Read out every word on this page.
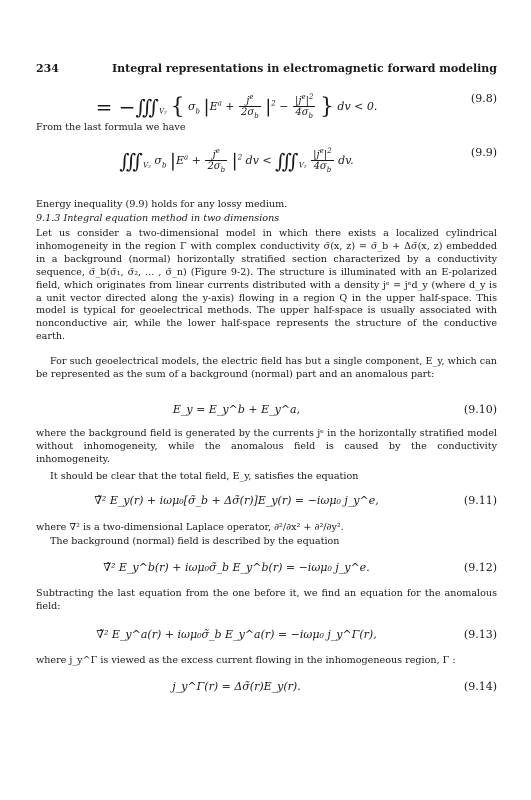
234	Integral representations in electromagnetic forward modeling
= $-∭_{V_2}$ { $\sigma_b$ $|E^a + \frac{j^e}{2\sigma_b} |^2 - \frac{|j^e|^2}{4\sigma_b}$ } dv < 0.
(9.8)
From the last formula we have
$∭_{V_2}$ $\sigma_b$ $|E^a + \frac{j^e}{2\sigma_b} |^2$ dv < $∭_{V_2} \frac{|j^e|^2}{4\sigma_b}$ dv.
(9.9)
Energy inequality (9.9) holds for any lossy medium.
9.1.3 Integral equation method in two dimensions
Let us consider a two-dimensional model in which there exists a localized cylindrical inhomogeneity in the region Γ with complex conductivity σ̃(x, z) = σ̃_b + Δσ̃(x, z) embedded in a background (normal) horizontally stratified section characterized by a conductivity sequence, σ̃_b(σ̃₁, σ̃₂, ... , σ̃_n) (Figure 9-2). The structure is illuminated with an E-polarized field, which originates from linear currents distributed with a density jᵉ = jᵉd_y (where d_y is a unit vector directed along the y-axis) flowing in a region Q in the upper half-space. This model is typical for geoelectrical methods. The upper half-space is usually associated with nonconductive air, while the lower half-space represents the structure of the conductive earth.
For such geoelectrical models, the electric field has but a single component, E_y, which can be represented as the sum of a background (normal) part and an anomalous part:
E_y = E_y^b + E_y^a,	(9.10)
where the background field is generated by the currents jᵉ in the horizontally stratified model without inhomogeneity, while the anomalous field is caused by the conductivity inhomogeneity.
It should be clear that the total field, E_y, satisfies the equation
∇̃² E_y(r) + iωμ₀[σ̃_b + Δσ̃(r)]E_y(r) = −iωμ₀ j_y^e,	(9.11)
where ∇̃² is a two-dimensional Laplace operator, ∂²/∂x² + ∂²/∂y².
The background (normal) field is described by the equation
∇̃² E_y^b(r) + iωμ₀σ̃_b E_y^b(r) = −iωμ₀ j_y^e.	(9.12)
Subtracting the last equation from the one before it, we find an equation for the anomalous field:
∇̃² E_y^a(r) + iωμ₀σ̃_b E_y^a(r) = −iωμ₀ j_y^Γ(r),	(9.13)
where j_y^Γ is viewed as the excess current flowing in the inhomogeneous region, Γ :
j_y^Γ(r) = Δσ̃(r)E_y(r).	(9.14)
